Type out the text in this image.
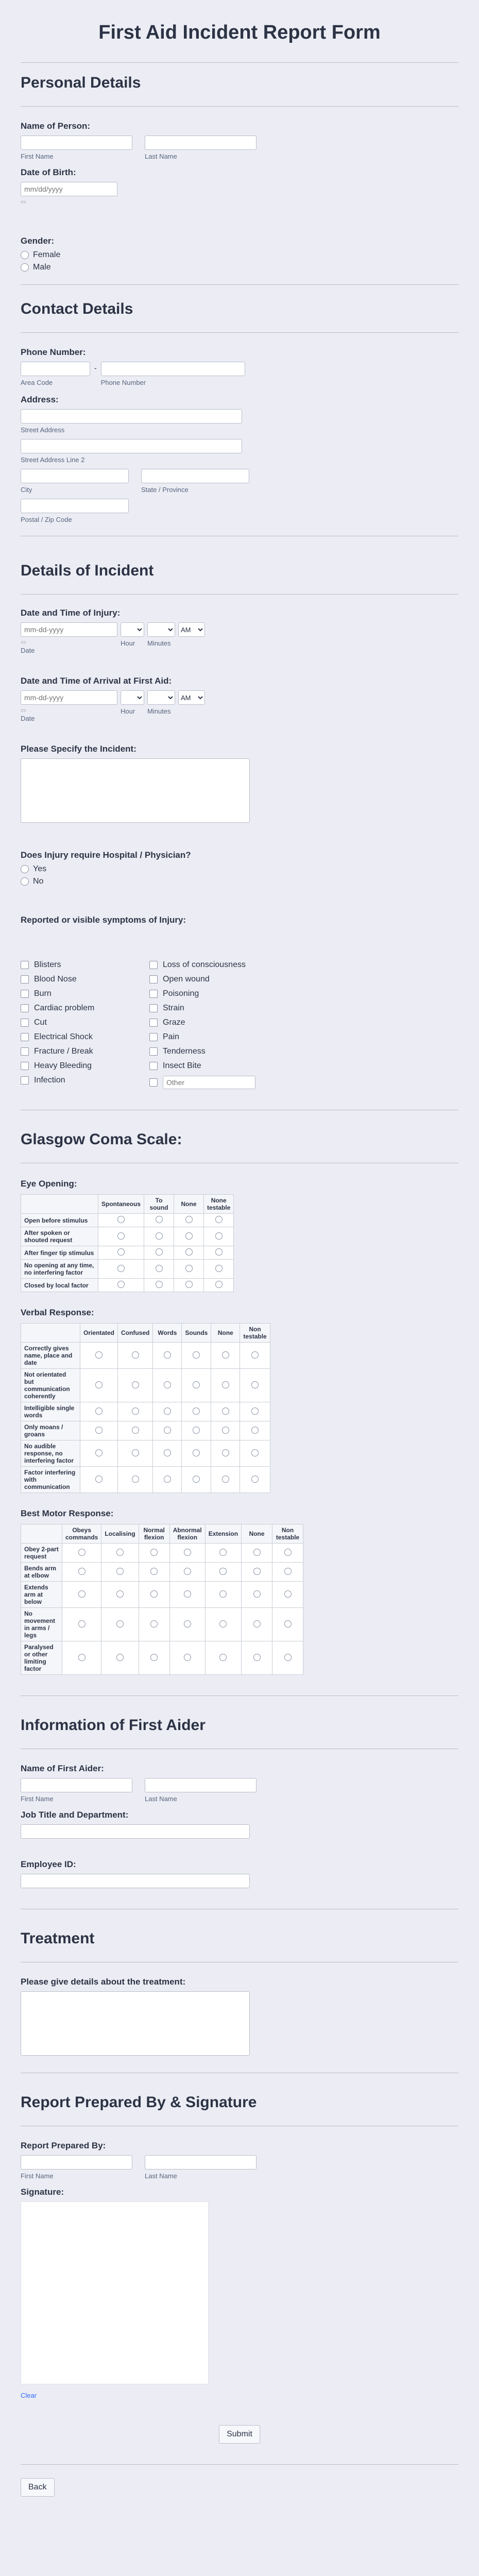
First Aid Incident Report Form
Personal Details
Name of Person:
First Name	Last Name
Date of Birth:
mm/dd/yyyy
▭
Gender:
Female
Male
Contact Details
Phone Number:
Area Code
-
Phone Number
Address:
Street Address
Street Address Line 2
City	State / Province
Postal / Zip Code
Details of Incident
Date and Time of Injury:
mm-dd-yyyy
▭
Date
Hour	Minutes
AM
Date and Time of Arrival at First Aid:
mm-dd-yyyy
▭
Date
Hour	Minutes
AM
Please Specify the Incident:
Does Injury require Hospital / Physician?
Yes
No
Reported or visible symptoms of Injury:
Blisters
Blood Nose
Burn
Cardiac problem
Cut
Electrical Shock
Fracture / Break
Heavy Bleeding
Infection
Loss of consciousness
Open wound
Poisoning
Strain
Graze
Pain
Tenderness
Insect Bite
Other
Glasgow Coma Scale:
Eye Opening:
	Spontaneous	To sound	None	None testable
Open before stimulus				
After spoken or shouted request				
After finger tip stimulus				
No opening at any time, no interfering factor				
Closed by local factor				
Verbal Response:
	Orientated	Confused	Words	Sounds	None	Non testable
Correctly gives name, place and date						
Not orientated but communication coherently						
Intelligible single words						
Only moans / groans						
No audible response, no interfering factor						
Factor interfering with communication						
Best Motor Response:
	Obeys commands	Localising	Normal flexion	Abnormal flexion	Extension	None	Non testable
Obey 2-part request							
Bends arm at elbow							
Extends arm at below							
No movement in arms / legs							
Paralysed or other limiting factor							
Information of First Aider
Name of First Aider:
First Name	Last Name
Job Title and Department:
Employee ID:
Treatment
Please give details about the treatment:
Report Prepared By & Signature
Report Prepared By:
First Name	Last Name
Signature:
Clear
Submit
Back
